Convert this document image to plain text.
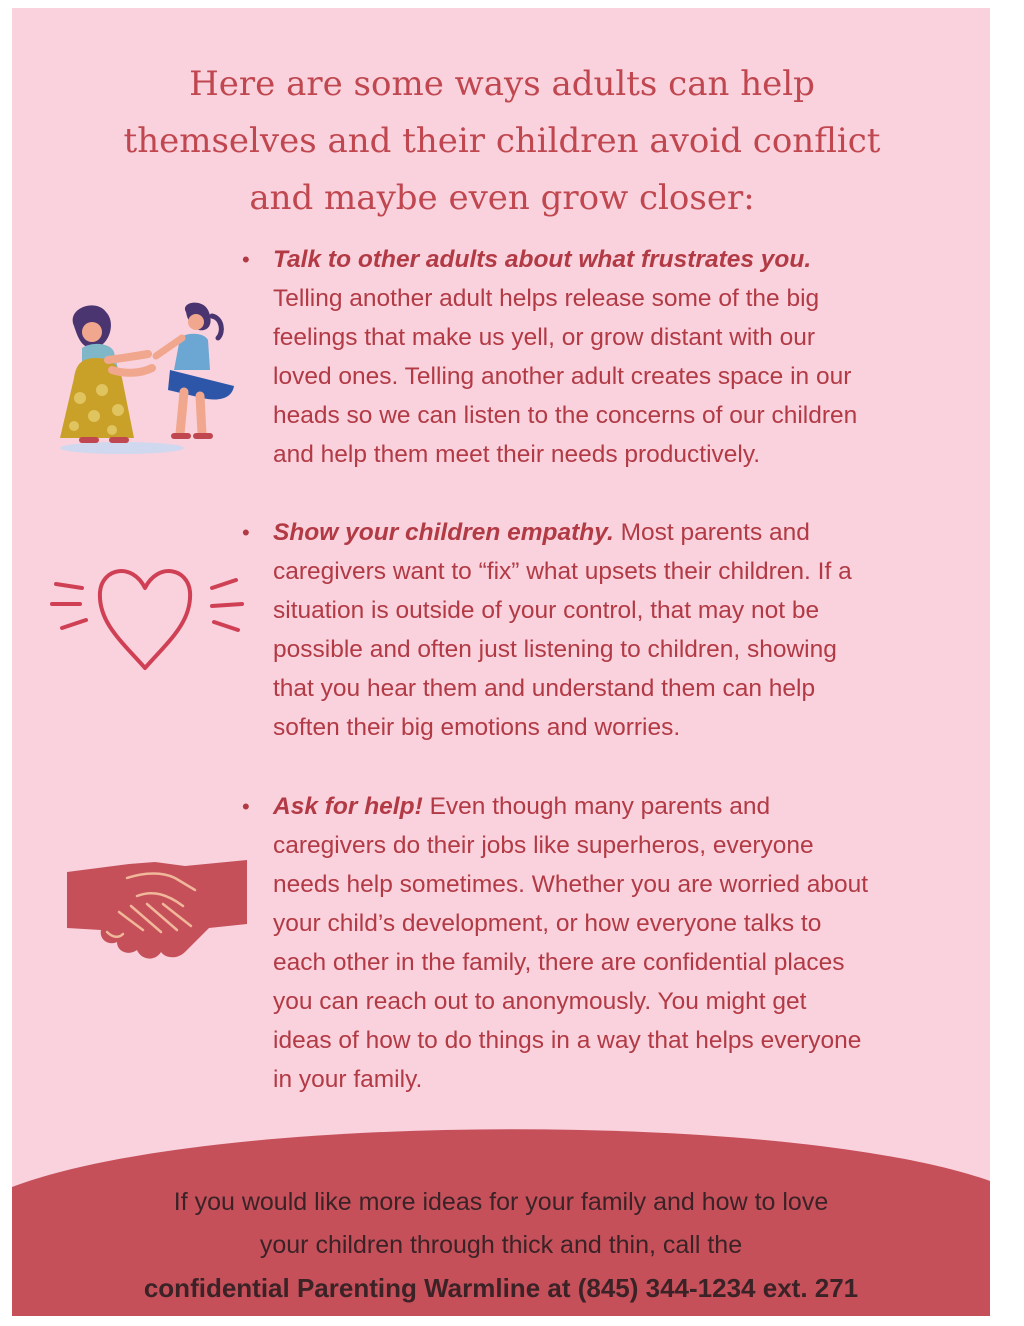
Here are some ways adults can help
themselves and their children avoid conflict
and maybe even grow closer:
• Talk to other adults about what frustrates you.

Telling another adult helps release some of the big

feelings that make us yell, or grow distant with our

loved ones. Telling another adult creates space in our

heads so we can listen to the concerns of our children

and help them meet their needs productively.

• Show your children empathy. Most parents and

caregivers want to “fix” what upsets their children. If a

situation is outside of your control, that may not be

possible and often just listening to children, showing

that you hear them and understand them can help

soften their big emotions and worries.

• Ask for help! Even though many parents and

caregivers do their jobs like superheros, everyone

needs help sometimes. Whether you are worried about

your child’s development, or how everyone talks to

each other in the family, there are confidential places

you can reach out to anonymously. You might get

ideas of how to do things in a way that helps everyone

in your family.

If you would like more ideas for your family and how to love
your children through thick and thin, call the
confidential Parenting Warmline at (845) 344-1234 ext. 271
